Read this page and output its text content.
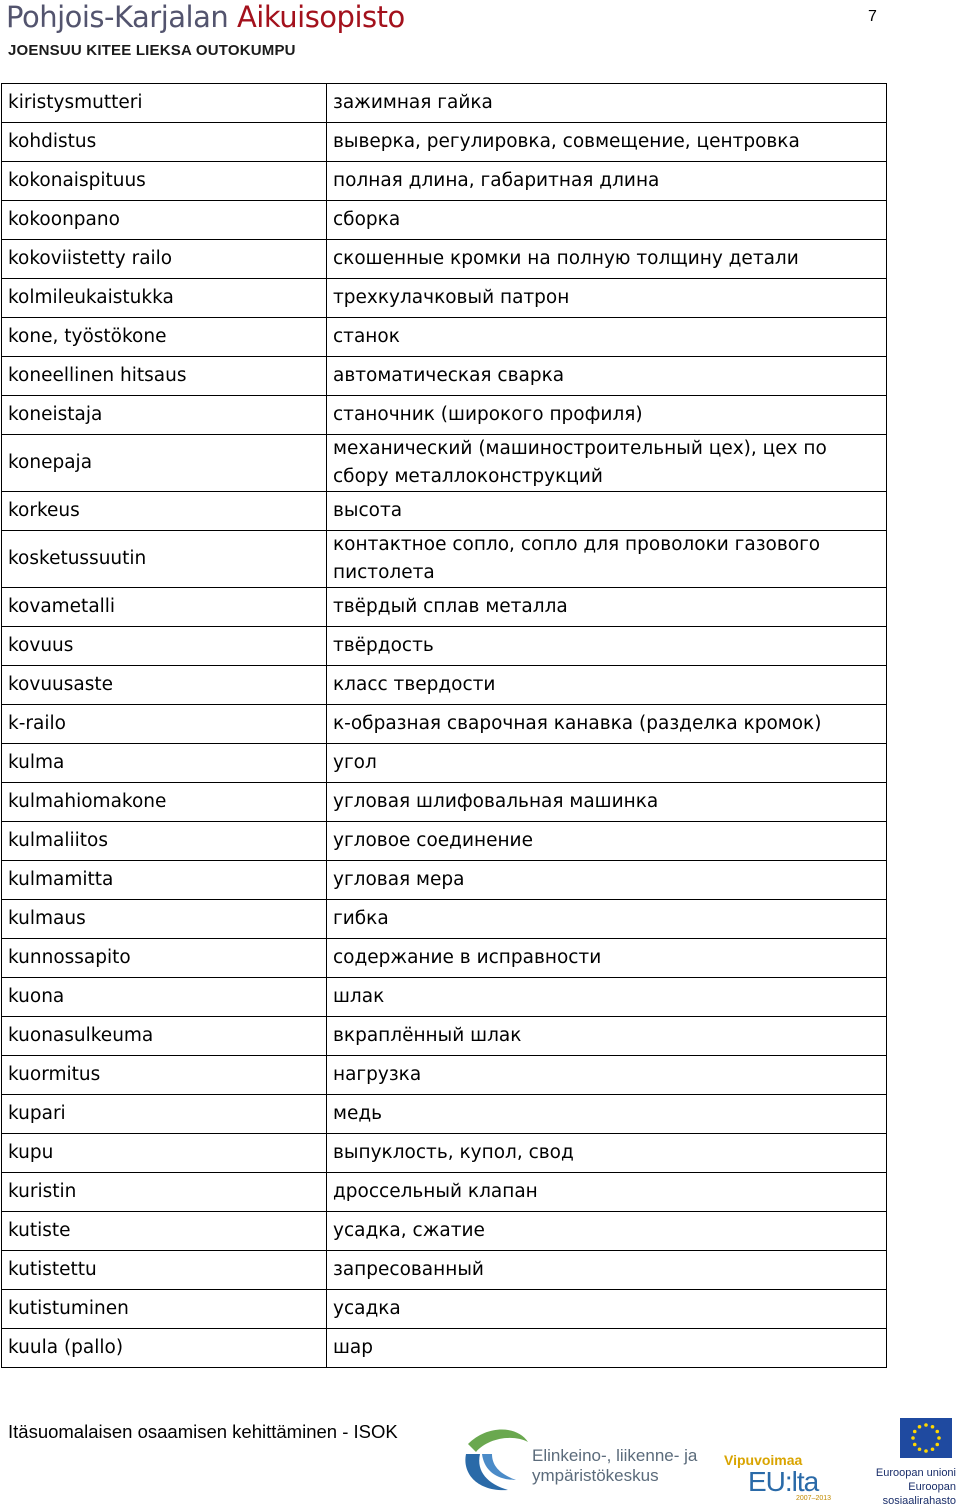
Pohjois-Karjalan Aikuisopisto
JOENSUU KITEE LIEKSA OUTOKUMPU
7
kiristysmutteri	зажимная гайка
kohdistus	выверка, регулировка, совмещение, центровка
kokonaispituus	полная длина, габаритная длина
kokoonpano	сборка
kokoviistetty railo	скошенные кромки на полную толщину детали
kolmileukaistukka	трехкулачковый патрон
kone, työstökone	станок
koneellinen hitsaus	автоматическая сварка
koneistaja	станочник (широкого профиля)
konepaja	механический (машиностроительный цех), цех по сбору металлоконструкций
korkeus	высота
kosketussuutin	контактное сопло, сопло для проволоки газового пистолета
kovametalli	твёрдый сплав металла
kovuus	твёрдость
kovuusaste	класс твердости
k-railo	к-образная сварочная канавка (разделка кромок)
kulma	угол
kulmahiomakone	угловая шлифовальная машинка
kulmaliitos	угловое соединение
kulmamitta	угловая мера
kulmaus	гибка
kunnossapito	содержание в исправности
kuona	шлак
kuonasulkeuma	вкраплённый шлак
kuormitus	нагрузка
kupari	медь
kupu	выпуклость, купол, свод
kuristin	дроссельный клапан
kutiste	усадка, сжатие
kutistettu	запресованный
kutistuminen	усадка
kuula (pallo)	шар
Itäsuomalaisen osaamisen kehittäminen - ISOK
Elinkeino-, liikenne- ja
ympäristökeskus
Vipuvoimaa
EU:lta
2007–2013
Euroopan unioni
Euroopan sosiaalirahasto
